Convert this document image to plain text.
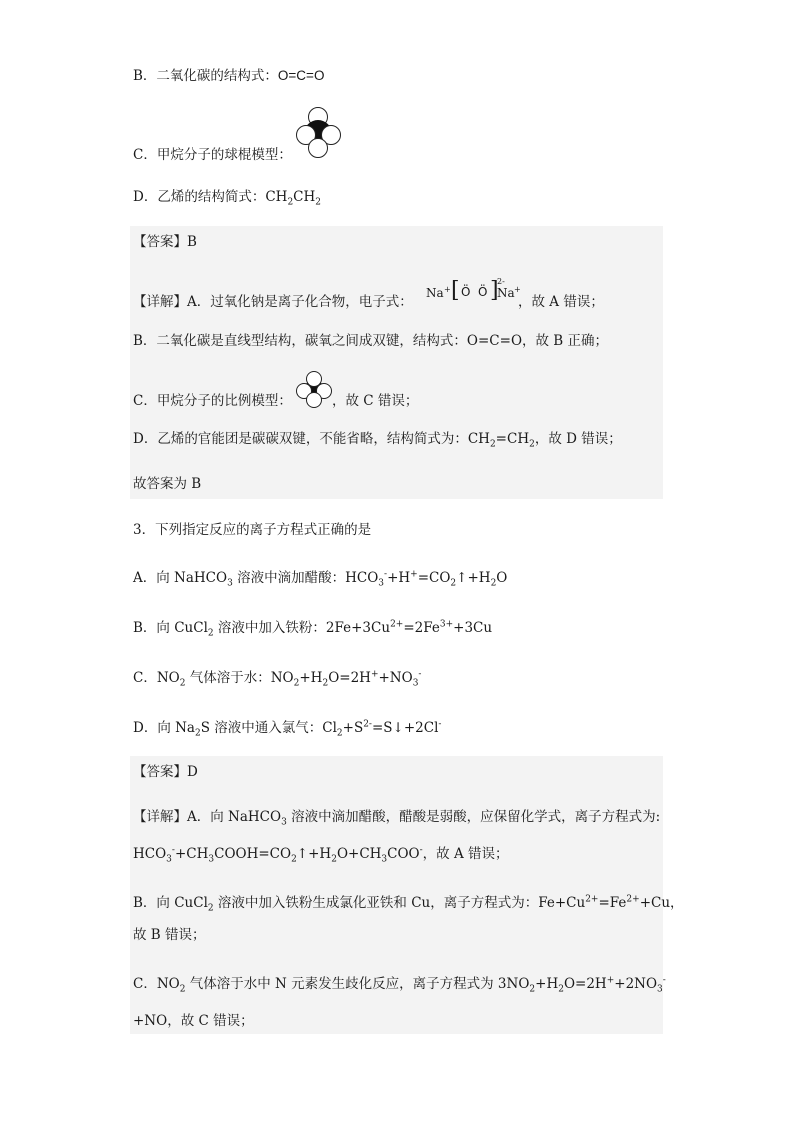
B．二氧化碳的结构式：O=C=O
C．甲烷分子的球棍模型：
D．乙烯的结构简式：$CH_2CH_2$
【答案】B
【详解】A．过氧化钠是离子化合物，电子式：
Na + [ Ö Ö ]
2-
Na +
，故 A 错误；
B．二氧化碳是直线型结构，碳氧之间成双键，结构式：O=C=O，故 B 正确；
C．甲烷分子的比例模型：	，故 C 错误；
D．乙烯的官能团是碳碳双键，不能省略，结构简式为：$CH_2=CH_2$，故 D 错误；
故答案为 B
3．下列指定反应的离子方程式正确的是
A．向 NaHCO$_3$ 溶液中滴加醋酸：$HCO_3^-+H^+=CO_2↑+H_2O$
B．向 CuCl$_2$ 溶液中加入铁粉：$2Fe+3Cu^{2+}=2Fe^{3+}+3Cu$
C．$NO_2$ 气体溶于水：$NO_2+H_2O=2H^++NO_3^-$
D．向 $Na_2S$ 溶液中通入氯气：$Cl_2+S^{2-}=S↓+2Cl^-$
【答案】D
【详解】A．向 NaHCO$_3$ 溶液中滴加醋酸，醋酸是弱酸，应保留化学式，离子方程式为:
$HCO_3^-+CH_3COOH=CO_2↑+H_2O+CH_3COO^-$，故 A 错误；
B．向 CuCl$_2$ 溶液中加入铁粉生成氯化亚铁和 Cu，离子方程式为：$Fe+Cu^{2+}=Fe^{2+}+Cu$，
故 B 错误；
C．$NO_2$ 气体溶于水中 N 元素发生歧化反应，离子方程式为 $3NO_2+H_2O=2H^++2NO_3^-$
+NO，故 C 错误；
